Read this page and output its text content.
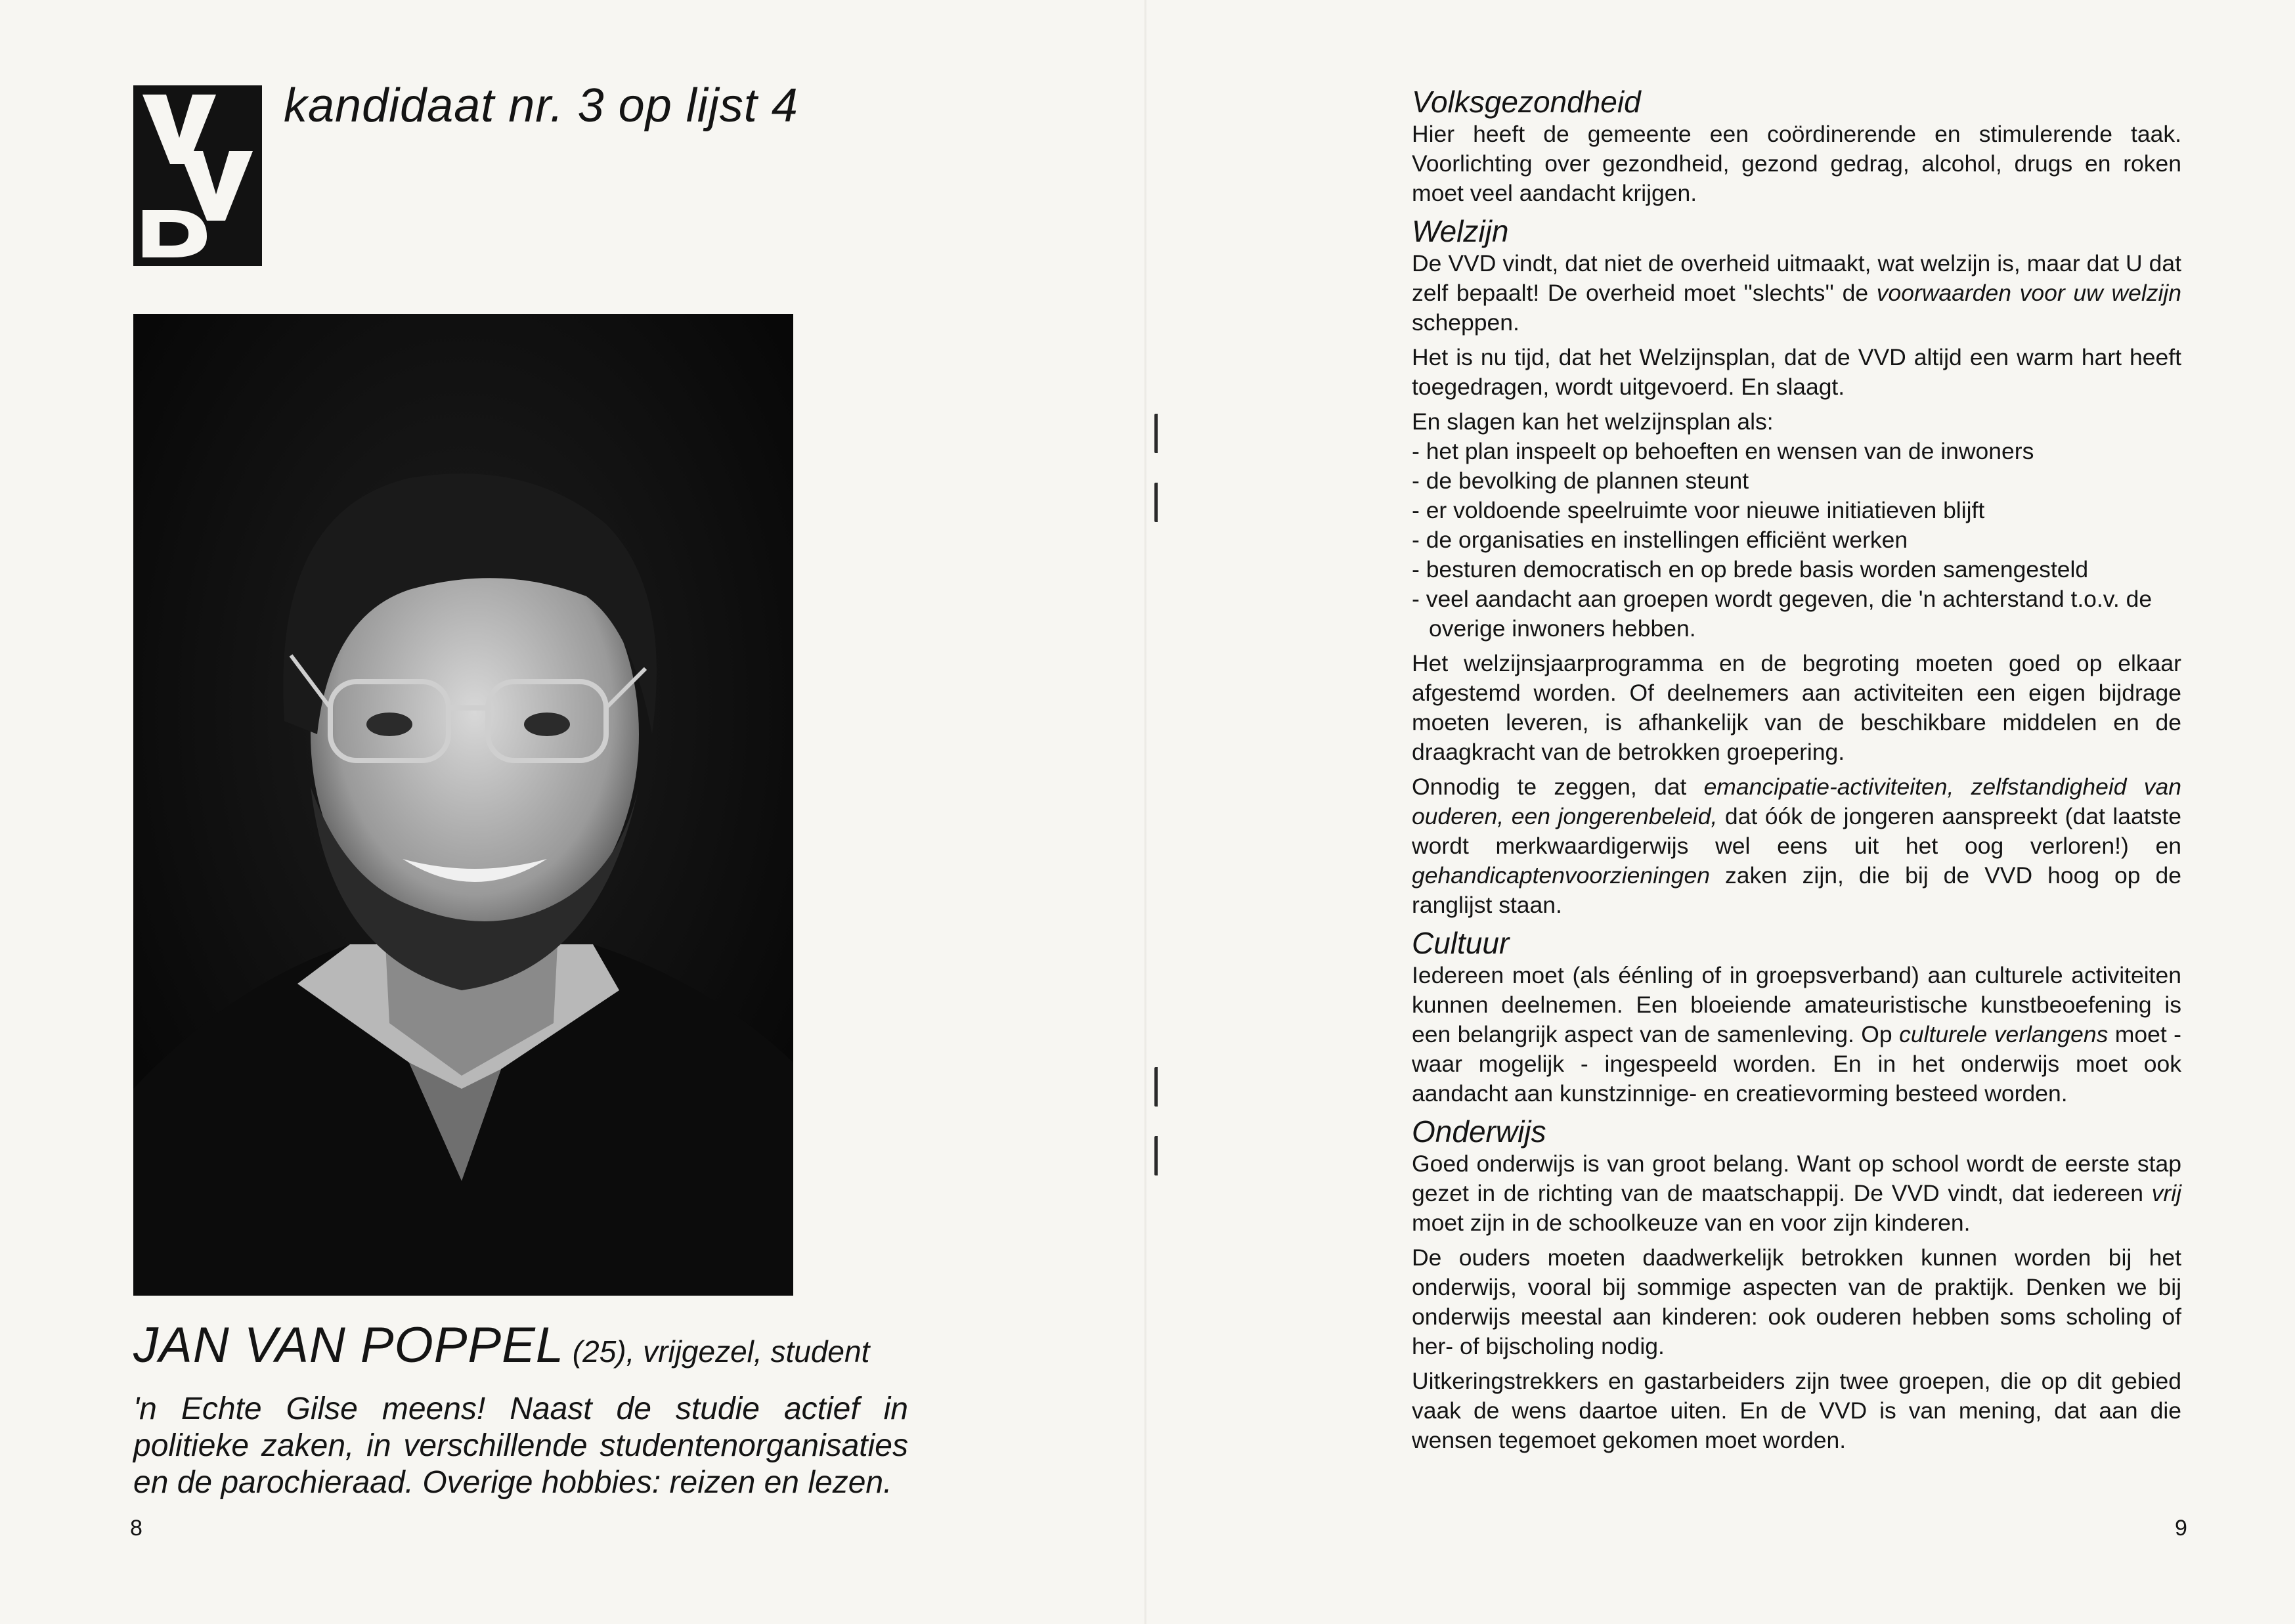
kandidaat nr. 3 op lijst 4

JAN VAN POPPEL (25), vrijgezel, student

'n Echte Gilse meens! Naast de studie actief in politieke zaken, in verschillende studentenorganisaties en de parochieraad. Overige hobbies: reizen en lezen.

8	9
Volksgezondheid

Hier heeft de gemeente een coördinerende en stimulerende taak. Voorlichting over gezondheid, gezond gedrag, alcohol, drugs en roken moet veel aandacht krijgen.

Welzijn

De VVD vindt, dat niet de overheid uitmaakt, wat welzijn is, maar dat U dat zelf bepaalt! De overheid moet ''slechts'' de voorwaarden voor uw welzijn scheppen.

Het is nu tijd, dat het Welzijnsplan, dat de VVD altijd een warm hart heeft toegedragen, wordt uitgevoerd. En slaagt.

En slagen kan het welzijnsplan als:

- het plan inspeelt op behoeften en wensen van de inwoners
- de bevolking de plannen steunt
- er voldoende speelruimte voor nieuwe initiatieven blijft
- de organisaties en instellingen efficiënt werken
- besturen democratisch en op brede basis worden samengesteld
- veel aandacht aan groepen wordt gegeven, die 'n achterstand t.o.v. de overige inwoners hebben.

Het welzijnsjaarprogramma en de begroting moeten goed op elkaar afgestemd worden. Of deelnemers aan activiteiten een eigen bijdrage moeten leveren, is afhankelijk van de beschikbare middelen en de draagkracht van de betrokken groepering.

Onnodig te zeggen, dat emancipatie-activiteiten, zelfstandigheid van ouderen, een jongerenbeleid, dat óók de jongeren aanspreekt (dat laatste wordt merkwaardigerwijs wel eens uit het oog verloren!) en gehandicaptenvoorzieningen zaken zijn, die bij de VVD hoog op de ranglijst staan.

Cultuur

Iedereen moet (als éénling of in groepsverband) aan culturele activiteiten kunnen deelnemen. Een bloeiende amateuristische kunstbeoefening is een belangrijk aspect van de samenleving. Op culturele verlangens moet - waar mogelijk - ingespeeld worden. En in het onderwijs moet ook aandacht aan kunstzinnige- en creatievorming besteed worden.

Onderwijs

Goed onderwijs is van groot belang. Want op school wordt de eerste stap gezet in de richting van de maatschappij. De VVD vindt, dat iedereen vrij moet zijn in de schoolkeuze van en voor zijn kinderen.

De ouders moeten daadwerkelijk betrokken kunnen worden bij het onderwijs, vooral bij sommige aspecten van de praktijk. Denken we bij onderwijs meestal aan kinderen: ook ouderen hebben soms scholing of her- of bijscholing nodig.

Uitkeringstrekkers en gastarbeiders zijn twee groepen, die op dit gebied vaak de wens daartoe uiten. En de VVD is van mening, dat aan die wensen tegemoet gekomen moet worden.
